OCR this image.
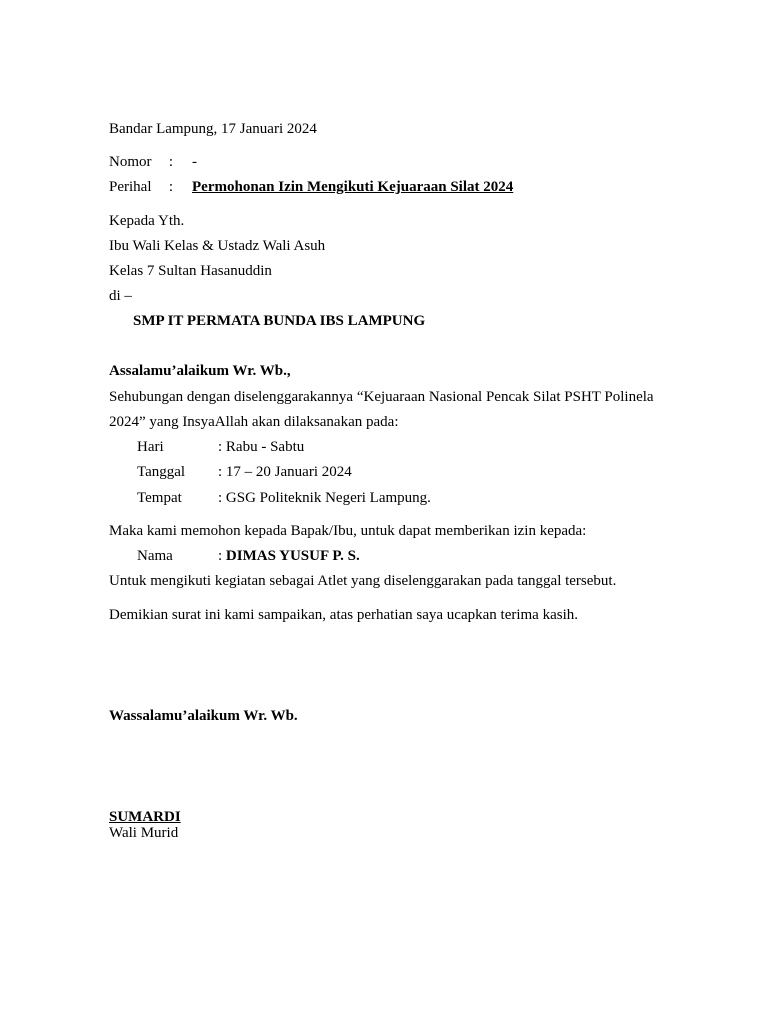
Bandar Lampung, 17 Januari 2024
Nomor : -
Perihal : Permohonan Izin Mengikuti Kejuaraan Silat 2024
Kepada Yth.
Ibu Wali Kelas & Ustadz Wali Asuh
Kelas 7 Sultan Hasanuddin
di –
SMP IT PERMATA BUNDA IBS LAMPUNG
Assalamu’alaikum Wr. Wb.,
Sehubungan dengan diselenggarakannya “Kejuaraan Nasional Pencak Silat PSHT Polinela
2024” yang InsyaAllah akan dilaksanakan pada:
Hari	: Rabu - Sabtu
Tanggal : 17 – 20 Januari 2024
Tempat : GSG Politeknik Negeri Lampung.
Maka kami memohon kepada Bapak/Ibu, untuk dapat memberikan izin kepada:
Nama	: DIMAS YUSUF P. S.
Untuk mengikuti kegiatan sebagai Atlet yang diselenggarakan pada tanggal tersebut.
Demikian surat ini kami sampaikan, atas perhatian saya ucapkan terima kasih.
Wassalamu’alaikum Wr. Wb.
SUMARDI
Wali Murid
